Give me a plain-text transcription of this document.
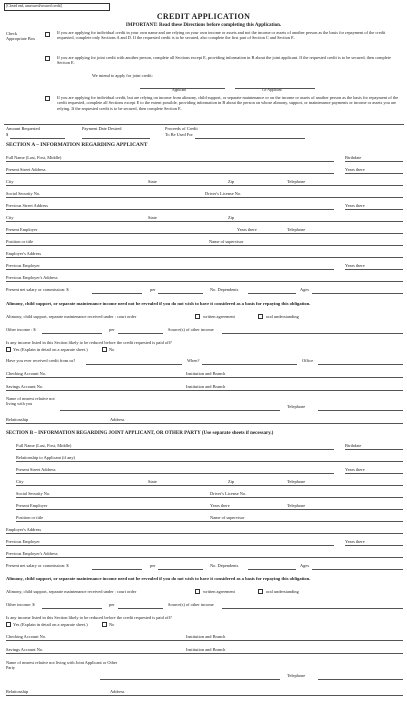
[Closed end, unsecured/secured credit]
CREDIT APPLICATION
IMPORTANT: Read these Directions before completing this Application.
Check Appropriate Box
If you are applying for individual credit in your own name and are relying on your own income or assets and not the income or assets of another person as the basis for repayment of the credit requested, complete only Sections A and D. If the requested credit is to be secured, also complete the first part of Section C and Section E.
If you are applying for joint credit with another person, complete all Sections except E, providing information in B about the joint applicant. If the requested credit is to be secured, then complete Section E.
We intend to apply for joint credit:
Applicant	Co-Applicant
If you are applying for individual credit, but are relying on income from alimony, child support, or separate maintenance or on the income or assets of another person as the basis for repayment of the credit requested, complete all Sections except E to the extent possible, providing information in B about the person on whose alimony, support, or maintenance payments or income or assets you are relying. If the requested credit is to be secured, then complete Section E.
Amount Requested
$
Payment Date Desired	Proceeds of Credit
To Be Used For
SECTION A – INFORMATION REGARDING APPLICANT
Full Name (Last, First, Middle)	Birthdate
Present Street Address	Years there
City	State	Zip	Telephone
Social Security No.	Driver's License No.
Previous Street Address	Years there
City	State	Zip
Present Employer	Years there	Telephone
Position or title	Name of supervisor
Employer's Address
Previous Employer	Years there
Previous Employer's Address
Present net salary or commission: $	per	No. Dependents	Ages
Alimony, child support, or separate maintenance income need not be revealed if you do not wish to have it considered as a basis for repaying this obligation.
Alimony, child support, separate maintenance received under : court order	written agreement	oral understanding
Other income : $	per	Source(s) of other income
Is any income listed in this Section likely to be reduced before the credit requested is paid off?
Yes (Explain in detail on a separate sheet.)	No
Have you ever received credit from us?	When?	Office
Checking Account No.	Institution and Branch
Savings Account No.	Institution and Branch
Name of nearest relative not living with you
Telephone
Relationship	Address
SECTION B – INFORMATION REGARDING JOINT APPLICANT, OR OTHER PARTY (Use separate sheets if necessary.)
Full Name (Last, First, Middle)	Birthdate
Relationship to Applicant (if any)
Present Street Address	Years there
City	State	Zip	Telephone
Social Security No.	Driver's License No.
Present Employer	Years there	Telephone
Position or title	Name of supervisor
Employer's Address
Previous Employer	Years there
Previous Employer's Address
Present net salary or commission: $	per	No. Dependents	Ages
Alimony, child support, or separate maintenance income need not be revealed if you do not wish to have it considered as a basis for repaying this obligation.
Alimony, child support, separate maintenance received under : court order	written agreement	oral understanding
Other income: $	per	Source(s) of other income
Is any income listed in this Section likely to be reduced before the credit requested is paid off?
Yes (Explain in detail on a separate sheet.)	No
Checking Account No.	Institution and Branch
Savings Account No.	Institution and Branch
Name of nearest relative not living with Joint Applicant or Other Party
Telephone
Relationship	Address
